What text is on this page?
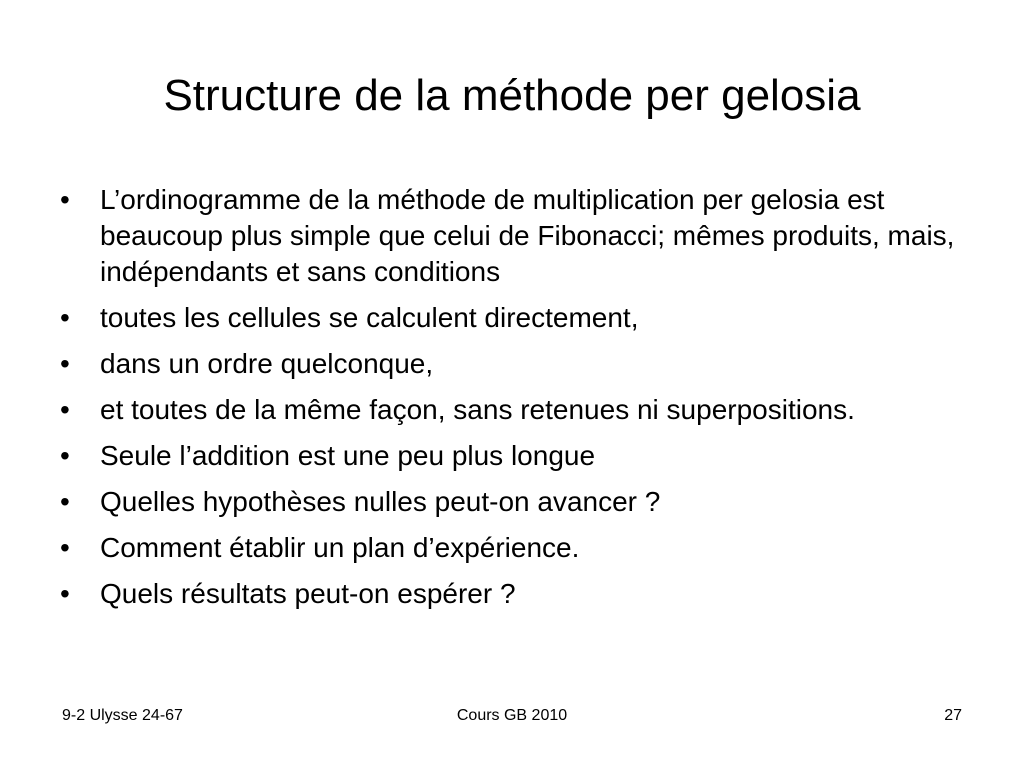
Structure de la méthode per gelosia
•	L’ordinogramme de la méthode de multiplication per gelosia est beaucoup plus simple que celui de Fibonacci; mêmes produits, mais, indépendants et sans conditions
•	toutes les cellules se calculent directement,
•	dans un ordre quelconque,
•	et toutes de la même façon, sans retenues ni superpositions.
•	Seule l’addition est une peu plus longue
•	Quelles hypothèses nulles peut-on avancer ?
•	Comment établir un plan d’expérience.
•	Quels résultats peut-on espérer ?
9-2 Ulysse 24-67	Cours GB 2010	27
